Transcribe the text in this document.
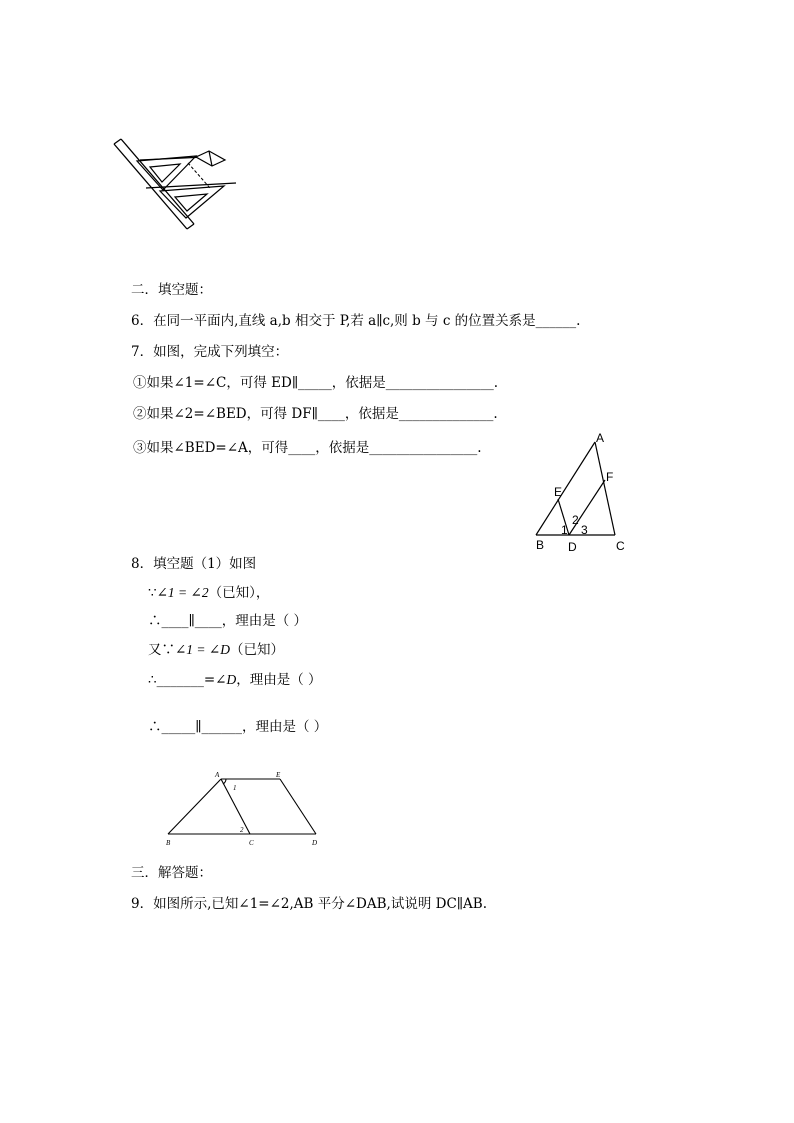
二．填空题：
6．在同一平面内,直线 a,b 相交于 P,若 a∥c,则 b 与 c 的位置关系是______.
7．如图，完成下列填空：
①如果∠1=∠C，可得 ED∥_____，依据是________________.
②如果∠2=∠BED，可得 DF∥____，依据是______________.
③如果∠BED=∠A，可得____，依据是________________.
A
B	C
D
E
F
1
2
3
8．填空题（1）如图
∵∠1 = ∠2（已知），
∴____∥____，理由是（ ）
又∵∠1 = ∠D（已知）
∴_______=∠D，理由是（ ）
∴_____∥______，理由是（ ）
A	E
B	C	D
1
2
三．解答题：
9．如图所示,已知∠1=∠2,AB 平分∠DAB,试说明 DC∥AB.
